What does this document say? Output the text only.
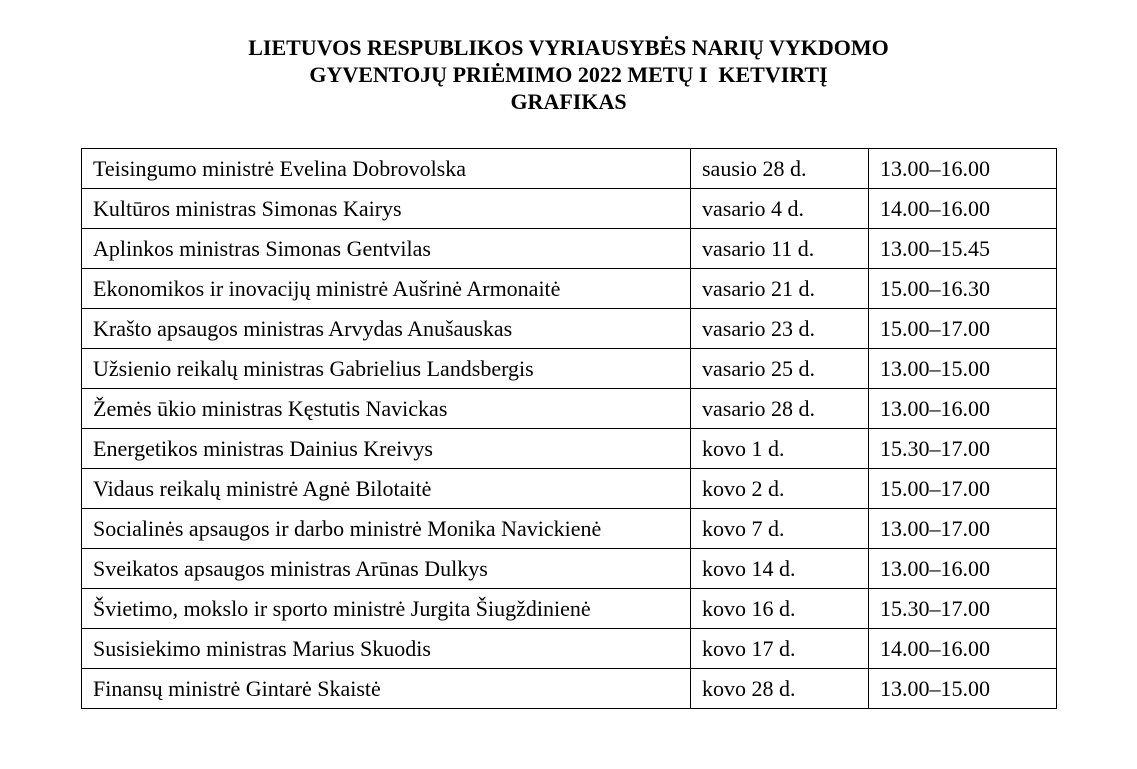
LIETUVOS RESPUBLIKOS VYRIAUSYBĖS NARIŲ VYKDOMO
GYVENTOJŲ PRIĖMIMO 2022 METŲ I  KETVIRTĮ
GRAFIKAS
Teisingumo ministrė Evelina Dobrovolska	sausio 28 d.	13.00–16.00
Kultūros ministras Simonas Kairys	vasario 4 d.	14.00–16.00
Aplinkos ministras Simonas Gentvilas	vasario 11 d.	13.00–15.45
Ekonomikos ir inovacijų ministrė Aušrinė Armonaitė	vasario 21 d.	15.00–16.30
Krašto apsaugos ministras Arvydas Anušauskas	vasario 23 d.	15.00–17.00
Užsienio reikalų ministras Gabrielius Landsbergis	vasario 25 d.	13.00–15.00
Žemės ūkio ministras Kęstutis Navickas	vasario 28 d.	13.00–16.00
Energetikos ministras Dainius Kreivys	kovo 1 d.	15.30–17.00
Vidaus reikalų ministrė Agnė Bilotaitė	kovo 2 d.	15.00–17.00
Socialinės apsaugos ir darbo ministrė Monika Navickienė	kovo 7 d.	13.00–17.00
Sveikatos apsaugos ministras Arūnas Dulkys	kovo 14 d.	13.00–16.00
Švietimo, mokslo ir sporto ministrė Jurgita Šiugždinienė	kovo 16 d.	15.30–17.00
Susisiekimo ministras Marius Skuodis	kovo 17 d.	14.00–16.00
Finansų ministrė Gintarė Skaistė	kovo 28 d.	13.00–15.00
